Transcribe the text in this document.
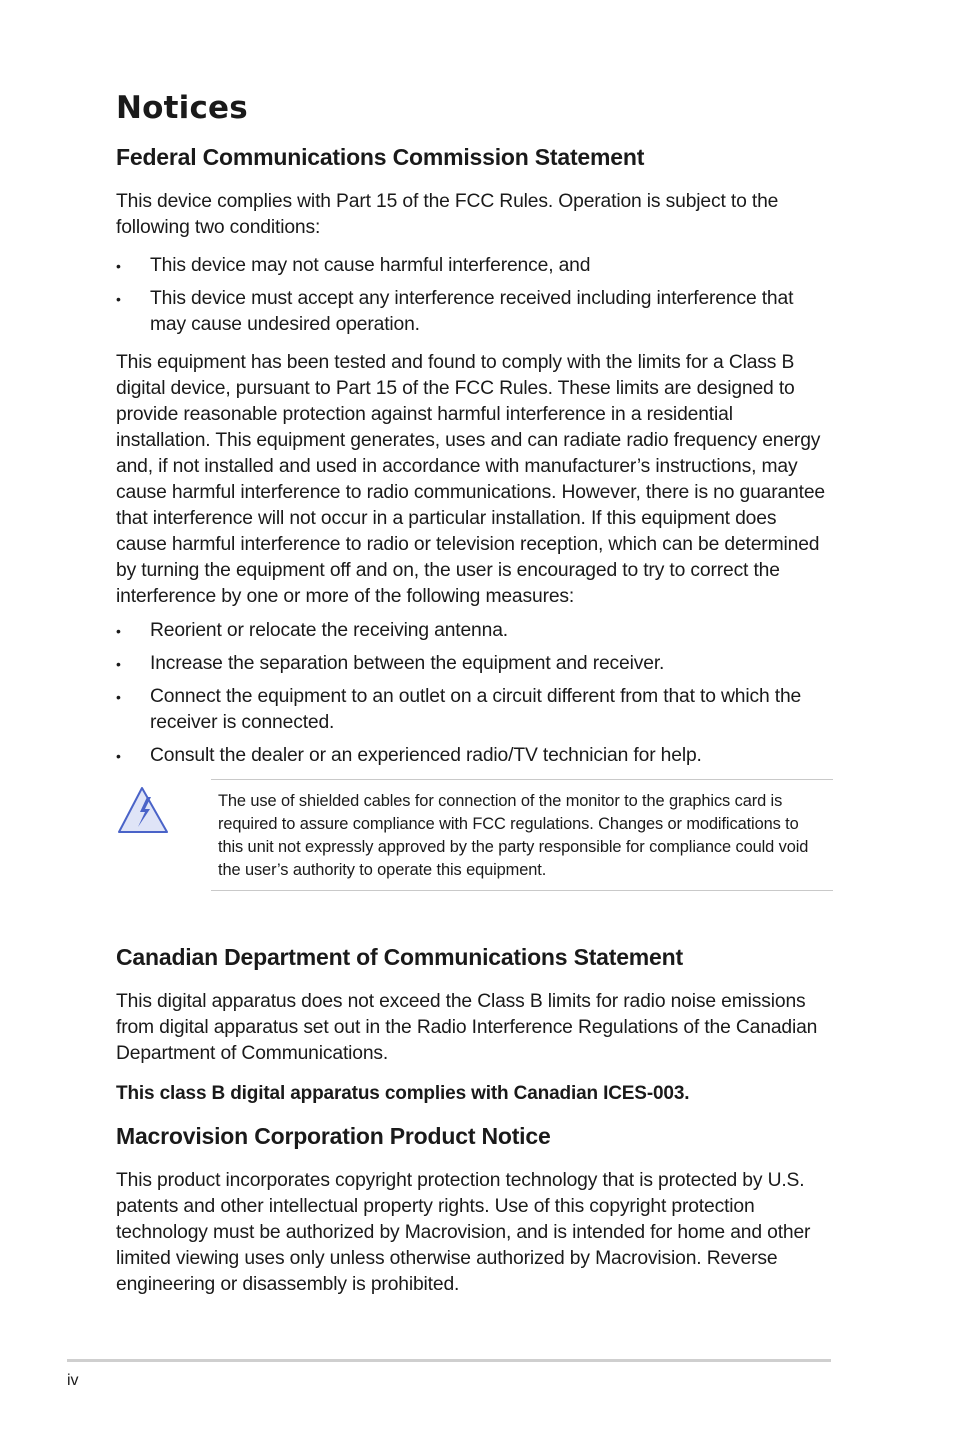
Notices
Federal Communications Commission Statement

This device complies with Part 15 of the FCC Rules. Operation is subject to the following two conditions:

• This device may not cause harmful interference, and
• This device must accept any interference received including interference that may cause undesired operation.

This equipment has been tested and found to comply with the limits for a Class B digital device, pursuant to Part 15 of the FCC Rules. These limits are designed to provide reasonable protection against harmful interference in a residential installation. This equipment generates, uses and can radiate radio frequency energy and, if not installed and used in accordance with manufacturer’s instructions, may cause harmful interference to radio communications. However, there is no guarantee that interference will not occur in a particular installation. If this equipment does cause harmful interference to radio or television reception, which can be determined by turning the equipment off and on, the user is encouraged to try to correct the interference by one or more of the following measures:

• Reorient or relocate the receiving antenna.
• Increase the separation between the equipment and receiver.
• Connect the equipment to an outlet on a circuit different from that to which the receiver is connected.
• Consult the dealer or an experienced radio/TV technician for help.

The use of shielded cables for connection of the monitor to the graphics card is required to assure compliance with FCC regulations. Changes or modifications to this unit not expressly approved by the party responsible for compliance could void the user’s authority to operate this equipment.

Canadian Department of Communications Statement

This digital apparatus does not exceed the Class B limits for radio noise emissions from digital apparatus set out in the Radio Interference Regulations of the Canadian Department of Communications.

This class B digital apparatus complies with Canadian ICES-003.

Macrovision Corporation Product Notice

This product incorporates copyright protection technology that is protected by U.S. patents and other intellectual property rights. Use of this copyright protection technology must be authorized by Macrovision, and is intended for home and other limited viewing uses only unless otherwise authorized by Macrovision. Reverse engineering or disassembly is prohibited.

iv
